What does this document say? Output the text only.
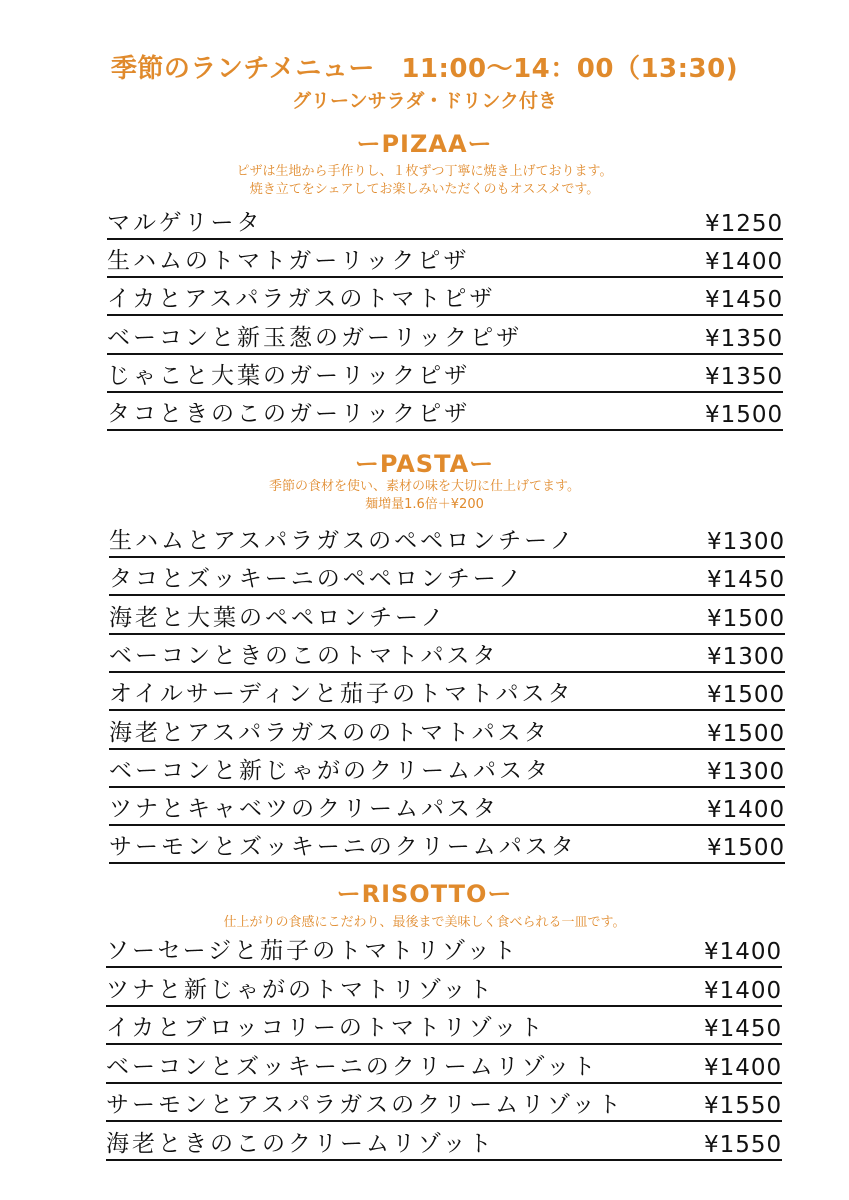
季節のランチメニュー　11:00〜14：00（13:30)
グリーンサラダ・ドリンク付き
ーPIZAAー
ピザは生地から手作りし、１枚ずつ丁寧に焼き上げております。
焼き立てをシェアしてお楽しみいただくのもオススメです。
マルゲリータ	¥1250
生ハムのトマトガーリックピザ	¥1400
イカとアスパラガスのトマトピザ	¥1450
ベーコンと新玉葱のガーリックピザ	¥1350
じゃこと大葉のガーリックピザ	¥1350
タコときのこのガーリックピザ	¥1500
ーPASTAー
季節の食材を使い、素材の味を大切に仕上げてます。
麺増量1.6倍＋¥200
生ハムとアスパラガスのペペロンチーノ	¥1300
タコとズッキーニのペペロンチーノ	¥1450
海老と大葉のペペロンチーノ	¥1500
ベーコンときのこのトマトパスタ	¥1300
オイルサーディンと茄子のトマトパスタ	¥1500
海老とアスパラガスののトマトパスタ	¥1500
ベーコンと新じゃがのクリームパスタ	¥1300
ツナとキャベツのクリームパスタ	¥1400
サーモンとズッキーニのクリームパスタ	¥1500
ーRISOTTOー
仕上がりの食感にこだわり、最後まで美味しく食べられる一皿です。
ソーセージと茄子のトマトリゾット	¥1400
ツナと新じゃがのトマトリゾット	¥1400
イカとブロッコリーのトマトリゾット	¥1450
ベーコンとズッキーニのクリームリゾット	¥1400
サーモンとアスパラガスのクリームリゾット	¥1550
海老ときのこのクリームリゾット	¥1550
